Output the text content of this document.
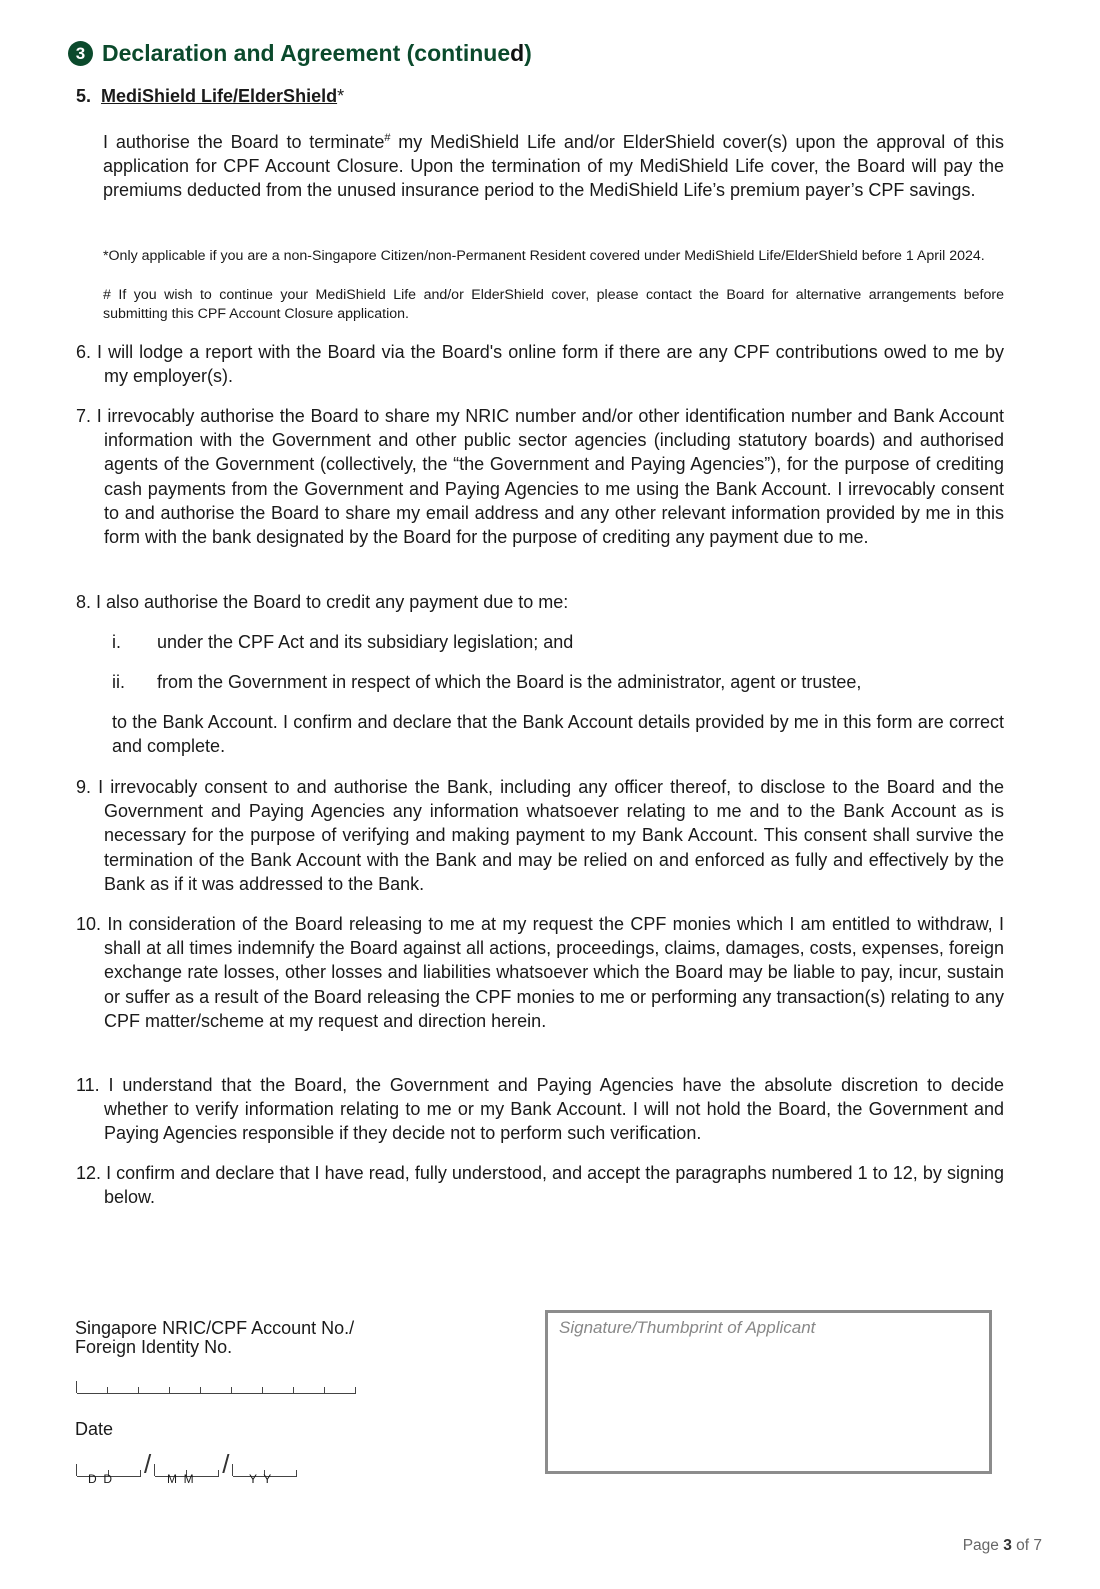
3 Declaration and Agreement (continued)
5. MediShield Life/ElderShield*
I authorise the Board to terminate# my MediShield Life and/or ElderShield cover(s) upon the approval of this application for CPF Account Closure. Upon the termination of my MediShield Life cover, the Board will pay the premiums deducted from the unused insurance period to the MediShield Life’s premium payer’s CPF savings.
*Only applicable if you are a non-Singapore Citizen/non-Permanent Resident covered under MediShield Life/ElderShield before 1 April 2024.
# If you wish to continue your MediShield Life and/or ElderShield cover, please contact the Board for alternative arrangements before submitting this CPF Account Closure application.
6. I will lodge a report with the Board via the Board's online form if there are any CPF contributions owed to me by my employer(s).
7. I irrevocably authorise the Board to share my NRIC number and/or other identification number and Bank Account information with the Government and other public sector agencies (including statutory boards) and authorised agents of the Government (collectively, the “the Government and Paying Agencies”), for the purpose of crediting cash payments from the Government and Paying Agencies to me using the Bank Account. I irrevocably consent to and authorise the Board to share my email address and any other relevant information provided by me in this form with the bank designated by the Board for the purpose of crediting any payment due to me.
8. I also authorise the Board to credit any payment due to me:
i. under the CPF Act and its subsidiary legislation; and
ii. from the Government in respect of which the Board is the administrator, agent or trustee,
to the Bank Account. I confirm and declare that the Bank Account details provided by me in this form are correct and complete.
9. I irrevocably consent to and authorise the Bank, including any officer thereof, to disclose to the Board and the Government and Paying Agencies any information whatsoever relating to me and to the Bank Account as is necessary for the purpose of verifying and making payment to my Bank Account. This consent shall survive the termination of the Bank Account with the Bank and may be relied on and enforced as fully and effectively by the Bank as if it was addressed to the Bank.
10. In consideration of the Board releasing to me at my request the CPF monies which I am entitled to withdraw, I shall at all times indemnify the Board against all actions, proceedings, claims, damages, costs, expenses, foreign exchange rate losses, other losses and liabilities whatsoever which the Board may be liable to pay, incur, sustain or suffer as a result of the Board releasing the CPF monies to me or performing any transaction(s) relating to any CPF matter/scheme at my request and direction herein.
11. I understand that the Board, the Government and Paying Agencies have the absolute discretion to decide whether to verify information relating to me or my Bank Account. I will not hold the Board, the Government and Paying Agencies responsible if they decide not to perform such verification.
12. I confirm and declare that I have read, fully understood, and accept the paragraphs numbered 1 to 12, by signing below.
Singapore NRIC/CPF Account No./
Foreign Identity No.
Date
/	/
D  D	M  M	Y  Y
Signature/Thumbprint of Applicant
Page 3 of 7
